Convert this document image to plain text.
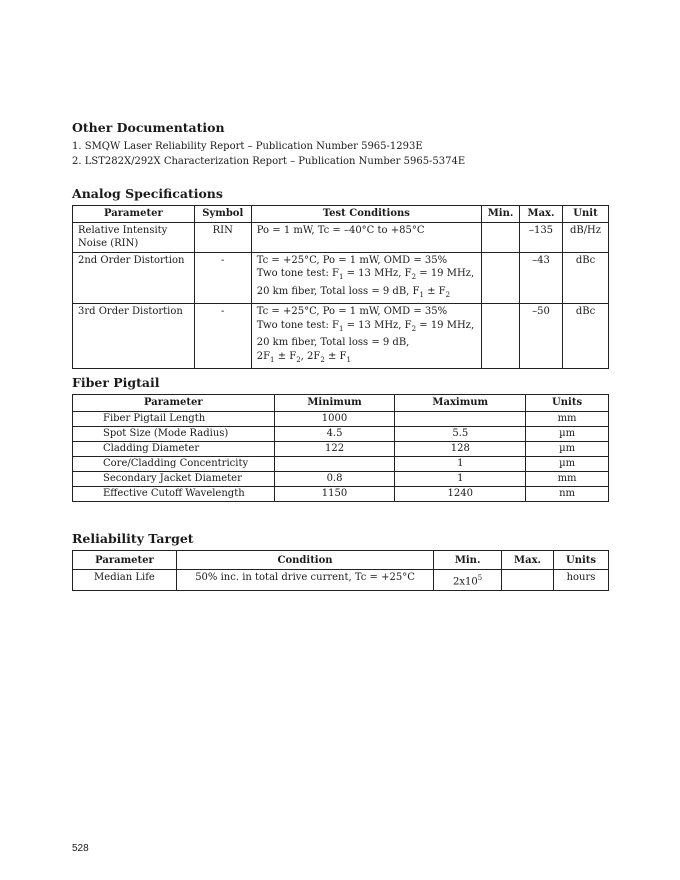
Other Documentation
1. SMQW Laser Reliability Report – Publication Number 5965-1293E
2. LST282X/292X Characterization Report – Publication Number 5965-5374E
Analog Specifications
Parameter	Symbol	Test Conditions	Min.	Max.	Unit
Relative Intensity Noise (RIN)	RIN	Po = 1 mW, Tc = –40°C to +85°C		–135	dB/Hz
2nd Order Distortion	-	Tc = +25°C, Po = 1 mW, OMD = 35%
Two tone test: $F_1 = 13$ MHz, $F_2 = 19$ MHz,
20 km fiber, Total loss = 9 dB, $F_1 \pm F_2$		–43	dBc
3rd Order Distortion	-	Tc = +25°C, Po = 1 mW, OMD = 35%
Two tone test: $F_1 = 13$ MHz, $F_2 = 19$ MHz,
20 km fiber, Total loss = 9 dB,
$2F_1 \pm F_2$, $2F_2 \pm F_1$		–50	dBc
Fiber Pigtail
Parameter	Minimum	Maximum	Units
Fiber Pigtail Length	1000		mm
Spot Size (Mode Radius)	4.5	5.5	µm
Cladding Diameter	122	128	µm
Core/Cladding Concentricity		1	µm
Secondary Jacket Diameter	0.8	1	mm
Effective Cutoff Wavelength	1150	1240	nm
Reliability Target
Parameter	Condition	Min.	Max.	Units
Median Life	50% inc. in total drive current, Tc = +25°C	$2x10^5$		hours
528
